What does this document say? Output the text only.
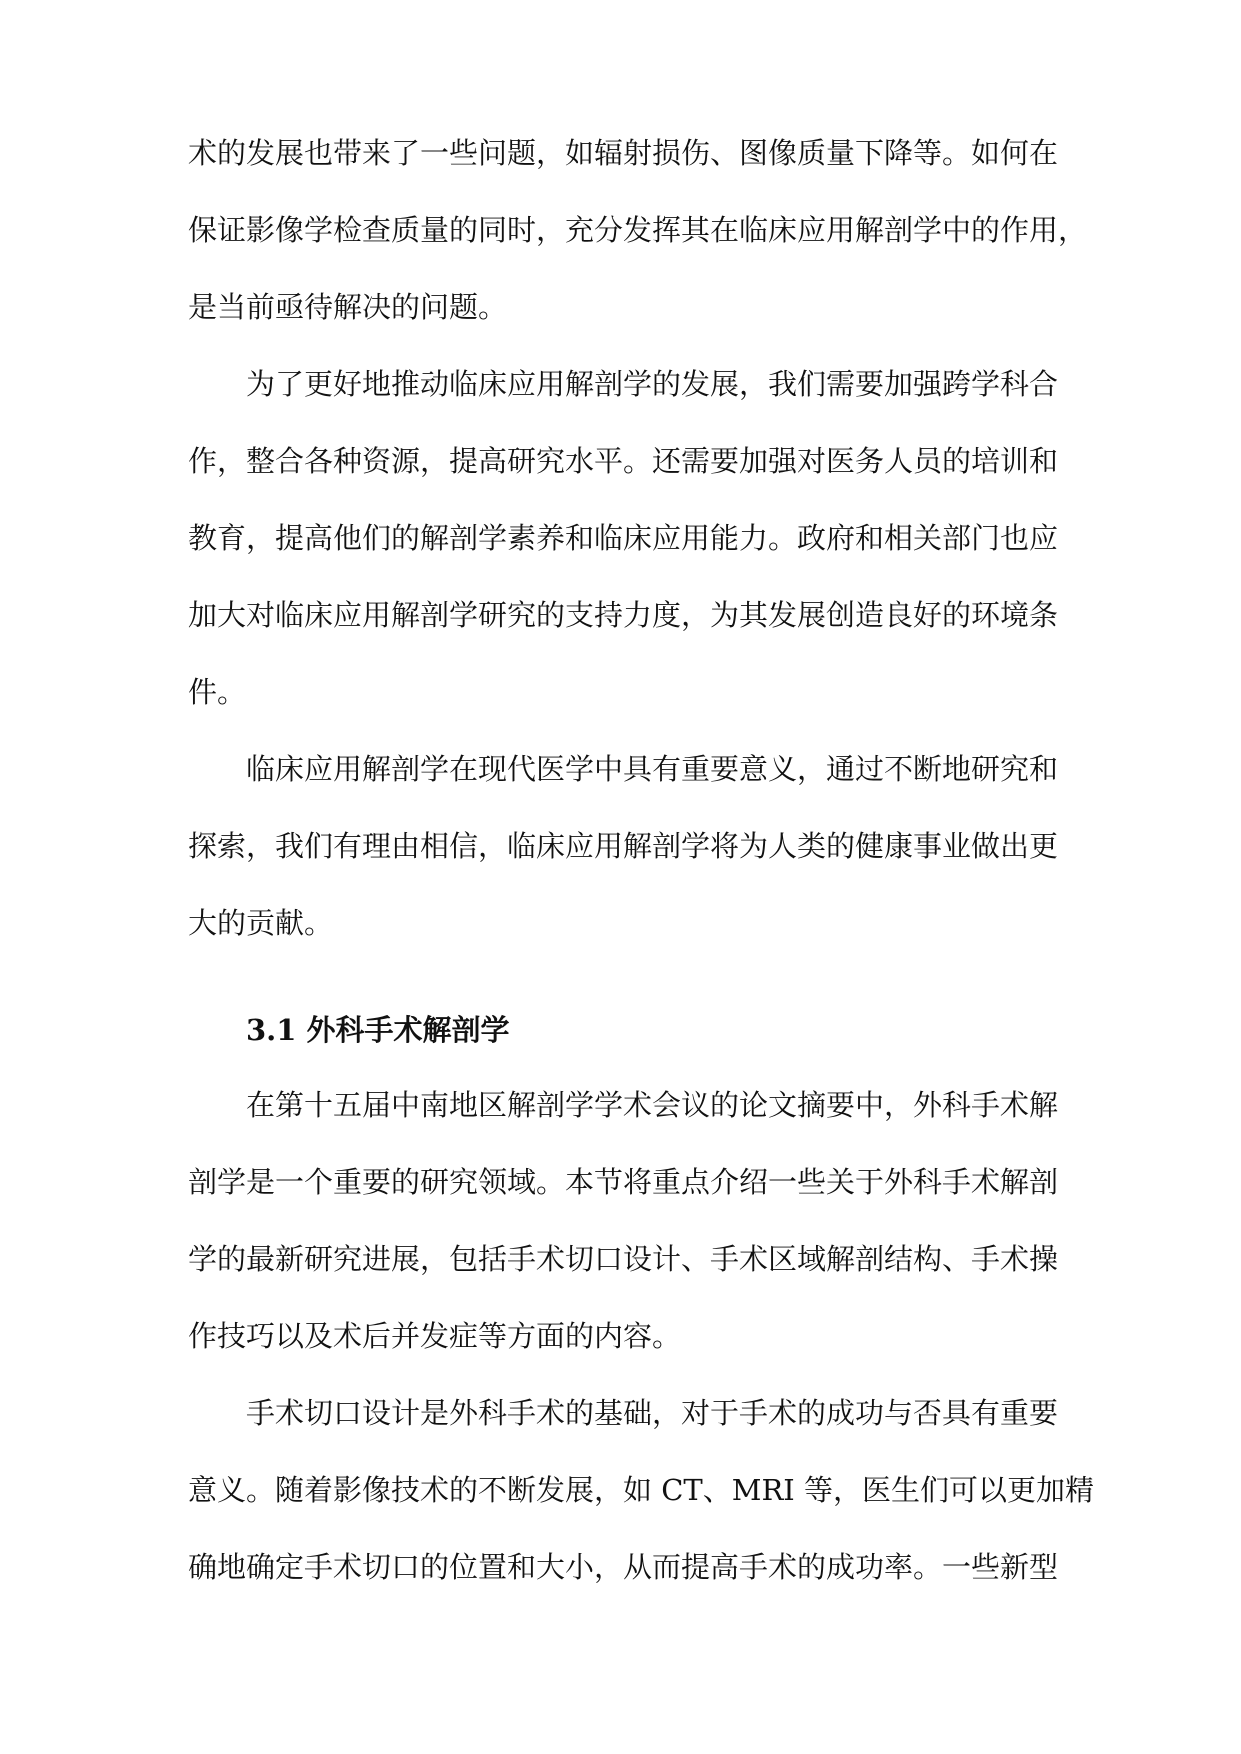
术的发展也带来了一些问题，如辐射损伤、图像质量下降等。如何在
保证影像学检查质量的同时，充分发挥其在临床应用解剖学中的作用，
是当前亟待解决的问题。
为了更好地推动临床应用解剖学的发展，我们需要加强跨学科合
作，整合各种资源，提高研究水平。还需要加强对医务人员的培训和
教育，提高他们的解剖学素养和临床应用能力。政府和相关部门也应
加大对临床应用解剖学研究的支持力度，为其发展创造良好的环境条
件。
临床应用解剖学在现代医学中具有重要意义，通过不断地研究和
探索，我们有理由相信，临床应用解剖学将为人类的健康事业做出更
大的贡献。
3.1 外科手术解剖学
在第十五届中南地区解剖学学术会议的论文摘要中，外科手术解
剖学是一个重要的研究领域。本节将重点介绍一些关于外科手术解剖
学的最新研究进展，包括手术切口设计、手术区域解剖结构、手术操
作技巧以及术后并发症等方面的内容。
手术切口设计是外科手术的基础，对于手术的成功与否具有重要
意义。随着影像技术的不断发展，如 CT、MRI 等，医生们可以更加精
确地确定手术切口的位置和大小，从而提高手术的成功率。一些新型
